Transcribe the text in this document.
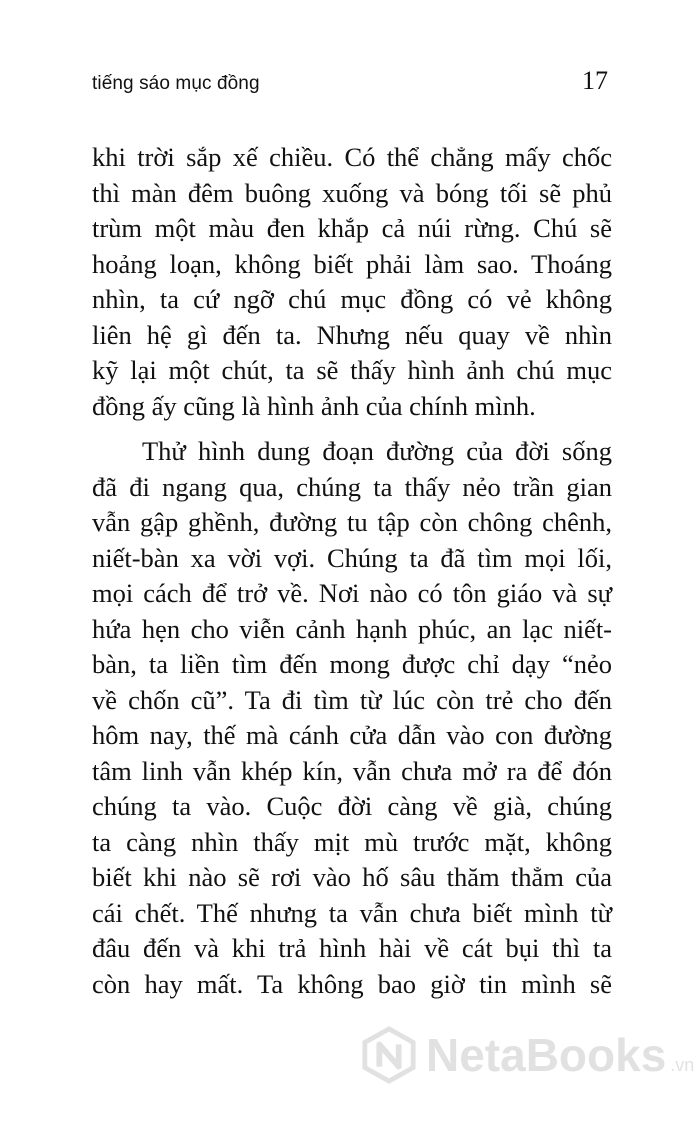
tiếng sáo mục đồng	17
khi trời sắp xế chiều. Có thể chẳng mấy chốc
thì màn đêm buông xuống và bóng tối sẽ phủ
trùm một màu đen khắp cả núi rừng. Chú sẽ
hoảng loạn, không biết phải làm sao. Thoáng
nhìn, ta cứ ngỡ chú mục đồng có vẻ không
liên hệ gì đến ta. Nhưng nếu quay về nhìn
kỹ lại một chút, ta sẽ thấy hình ảnh chú mục
đồng ấy cũng là hình ảnh của chính mình.
Thử hình dung đoạn đường của đời sống
đã đi ngang qua, chúng ta thấy nẻo trần gian
vẫn gập ghềnh, đường tu tập còn chông chênh,
niết-bàn xa vời vợi. Chúng ta đã tìm mọi lối,
mọi cách để trở về. Nơi nào có tôn giáo và sự
hứa hẹn cho viễn cảnh hạnh phúc, an lạc niết-
bàn, ta liền tìm đến mong được chỉ dạy “nẻo
về chốn cũ”. Ta đi tìm từ lúc còn trẻ cho đến
hôm nay, thế mà cánh cửa dẫn vào con đường
tâm linh vẫn khép kín, vẫn chưa mở ra để đón
chúng ta vào. Cuộc đời càng về già, chúng
ta càng nhìn thấy mịt mù trước mặt, không
biết khi nào sẽ rơi vào hố sâu thăm thẳm của
cái chết. Thế nhưng ta vẫn chưa biết mình từ
đâu đến và khi trả hình hài về cát bụi thì ta
còn hay mất. Ta không bao giờ tin mình sẽ
NetaBooks .vn
